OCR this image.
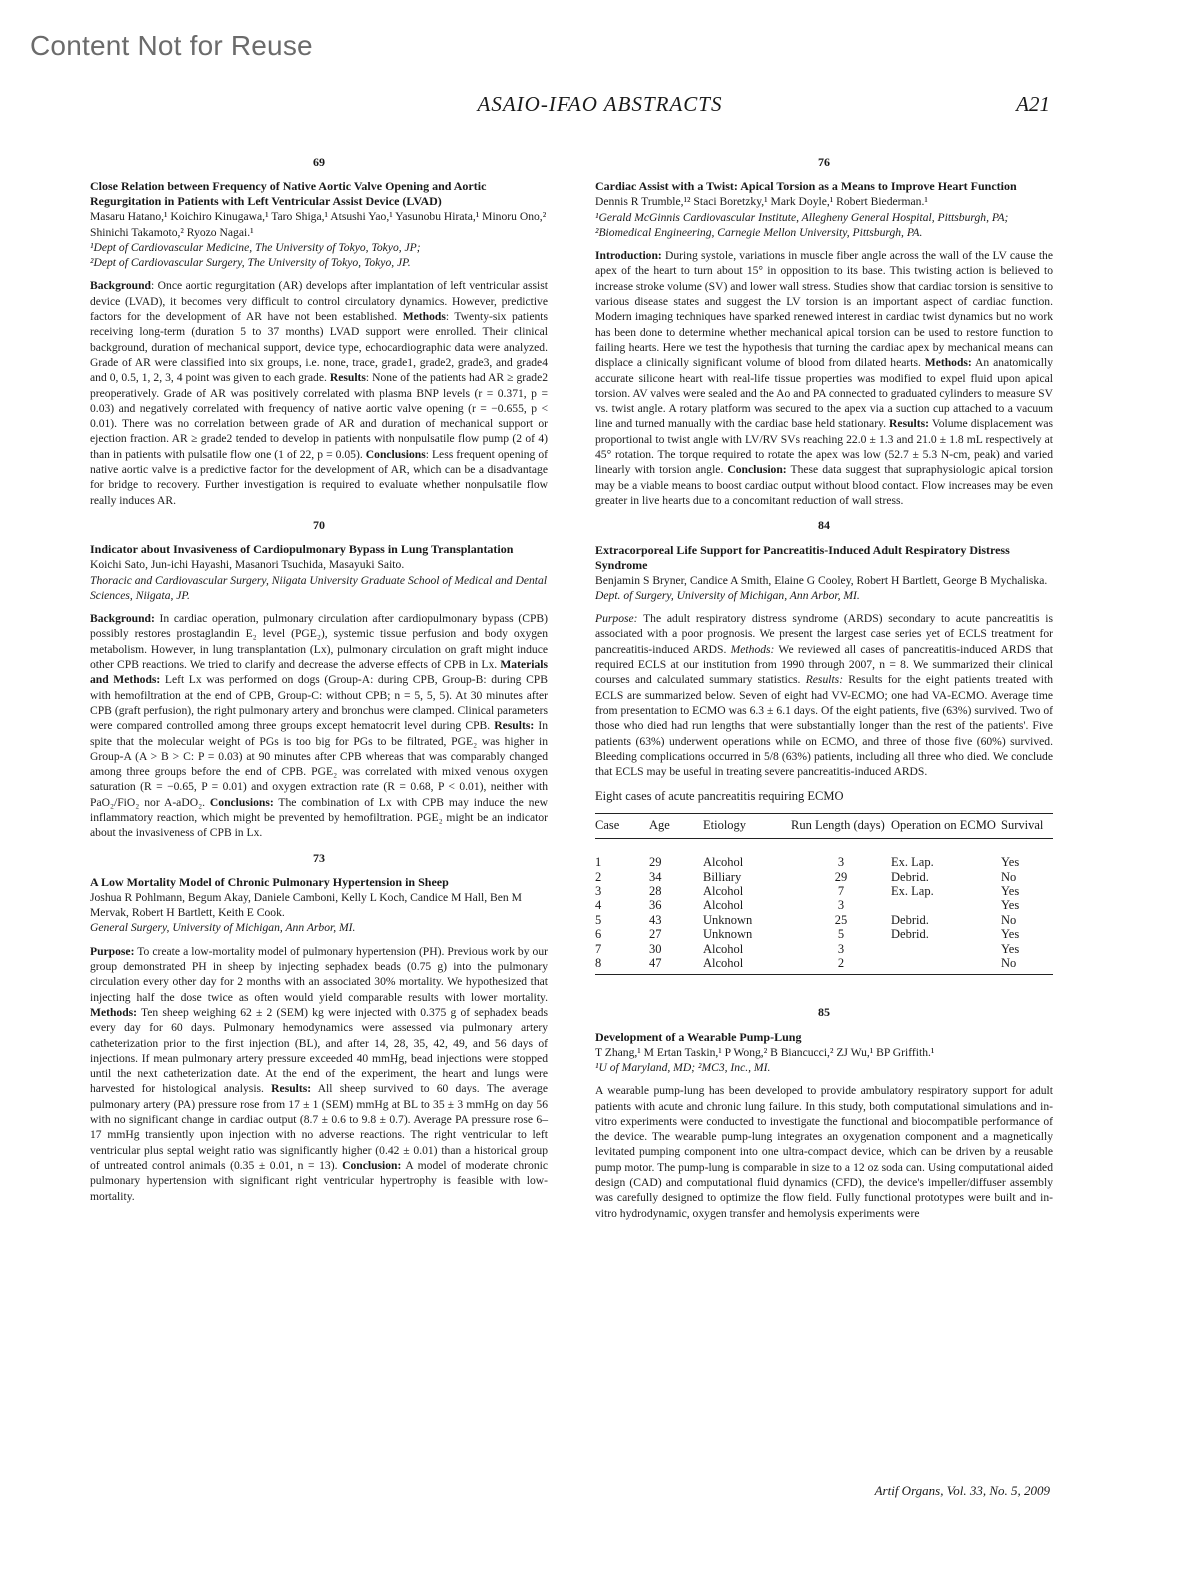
Content Not for Reuse
ASAIO-IFAO ABSTRACTS	A21
69
Close Relation between Frequency of Native Aortic Valve Opening and Aortic Regurgitation in Patients with Left Ventricular Assist Device (LVAD)
Masaru Hatano,¹ Koichiro Kinugawa,¹ Taro Shiga,¹ Atsushi Yao,¹ Yasunobu Hirata,¹ Minoru Ono,² Shinichi Takamoto,² Ryozo Nagai.¹
¹Dept of Cardiovascular Medicine, The University of Tokyo, Tokyo, JP;
²Dept of Cardiovascular Surgery, The University of Tokyo, Tokyo, JP.
Background: Once aortic regurgitation (AR) develops after implantation of left ventricular assist device (LVAD), it becomes very difficult to control circulatory dynamics. However, predictive factors for the development of AR have not been established. Methods: Twenty-six patients receiving long-term (duration 5 to 37 months) LVAD support were enrolled. Their clinical background, duration of mechanical support, device type, echocardiographic data were analyzed. Grade of AR were classified into six groups, i.e. none, trace, grade1, grade2, grade3, and grade4 and 0, 0.5, 1, 2, 3, 4 point was given to each grade. Results: None of the patients had AR ≥ grade2 preoperatively. Grade of AR was positively correlated with plasma BNP levels (r = 0.371, p = 0.03) and negatively correlated with frequency of native aortic valve opening (r = −0.655, p < 0.01). There was no correlation between grade of AR and duration of mechanical support or ejection fraction. AR ≥ grade2 tended to develop in patients with nonpulsatile flow pump (2 of 4) than in patients with pulsatile flow one (1 of 22, p = 0.05). Conclusions: Less frequent opening of native aortic valve is a predictive factor for the development of AR, which can be a disadvantage for bridge to recovery. Further investigation is required to evaluate whether nonpulsatile flow really induces AR.
70
Indicator about Invasiveness of Cardiopulmonary Bypass in Lung Transplantation
Koichi Sato, Jun-ichi Hayashi, Masanori Tsuchida, Masayuki Saito.
Thoracic and Cardiovascular Surgery, Niigata University Graduate School of Medical and Dental Sciences, Niigata, JP.
Background: In cardiac operation, pulmonary circulation after cardiopulmonary bypass (CPB) possibly restores prostaglandin E₂ level (PGE₂), systemic tissue perfusion and body oxygen metabolism. However, in lung transplantation (Lx), pulmonary circulation on graft might induce other CPB reactions. We tried to clarify and decrease the adverse effects of CPB in Lx. Materials and Methods: Left Lx was performed on dogs (Group-A: during CPB, Group-B: during CPB with hemofiltration at the end of CPB, Group-C: without CPB; n = 5, 5, 5). At 30 minutes after CPB (graft perfusion), the right pulmonary artery and bronchus were clamped. Clinical parameters were compared controlled among three groups except hematocrit level during CPB. Results: In spite that the molecular weight of PGs is too big for PGs to be filtrated, PGE₂ was higher in Group-A (A > B > C: P = 0.03) at 90 minutes after CPB whereas that was comparably changed among three groups before the end of CPB. PGE₂ was correlated with mixed venous oxygen saturation (R = −0.65, P = 0.01) and oxygen extraction rate (R = 0.68, P < 0.01), neither with PaO₂/FiO₂ nor A-aDO₂. Conclusions: The combination of Lx with CPB may induce the new inflammatory reaction, which might be prevented by hemofiltration. PGE₂ might be an indicator about the invasiveness of CPB in Lx.
73
A Low Mortality Model of Chronic Pulmonary Hypertension in Sheep
Joshua R Pohlmann, Begum Akay, Daniele Camboni, Kelly L Koch, Candice M Hall, Ben M Mervak, Robert H Bartlett, Keith E Cook.
General Surgery, University of Michigan, Ann Arbor, MI.
Purpose: To create a low-mortality model of pulmonary hypertension (PH). Previous work by our group demonstrated PH in sheep by injecting sephadex beads (0.75 g) into the pulmonary circulation every other day for 2 months with an associated 30% mortality. We hypothesized that injecting half the dose twice as often would yield comparable results with lower mortality. Methods: Ten sheep weighing 62 ± 2 (SEM) kg were injected with 0.375 g of sephadex beads every day for 60 days. Pulmonary hemodynamics were assessed via pulmonary artery catheterization prior to the first injection (BL), and after 14, 28, 35, 42, 49, and 56 days of injections. If mean pulmonary artery pressure exceeded 40 mmHg, bead injections were stopped until the next catheterization date. At the end of the experiment, the heart and lungs were harvested for histological analysis. Results: All sheep survived to 60 days. The average pulmonary artery (PA) pressure rose from 17 ± 1 (SEM) mmHg at BL to 35 ± 3 mmHg on day 56 with no significant change in cardiac output (8.7 ± 0.6 to 9.8 ± 0.7). Average PA pressure rose 6–17 mmHg transiently upon injection with no adverse reactions. The right ventricular to left ventricular plus septal weight ratio was significantly higher (0.42 ± 0.01) than a historical group of untreated control animals (0.35 ± 0.01, n = 13). Conclusion: A model of moderate chronic pulmonary hypertension with significant right ventricular hypertrophy is feasible with low-mortality.
76
Cardiac Assist with a Twist: Apical Torsion as a Means to Improve Heart Function
Dennis R Trumble,¹² Staci Boretzky,¹ Mark Doyle,¹ Robert Biederman.¹
¹Gerald McGinnis Cardiovascular Institute, Allegheny General Hospital, Pittsburgh, PA; ²Biomedical Engineering, Carnegie Mellon University, Pittsburgh, PA.
Introduction: During systole, variations in muscle fiber angle across the wall of the LV cause the apex of the heart to turn about 15° in opposition to its base. This twisting action is believed to increase stroke volume (SV) and lower wall stress. Studies show that cardiac torsion is sensitive to various disease states and suggest the LV torsion is an important aspect of cardiac function. Modern imaging techniques have sparked renewed interest in cardiac twist dynamics but no work has been done to determine whether mechanical apical torsion can be used to restore function to failing hearts. Here we test the hypothesis that turning the cardiac apex by mechanical means can displace a clinically significant volume of blood from dilated hearts. Methods: An anatomically accurate silicone heart with real-life tissue properties was modified to expel fluid upon apical torsion. AV valves were sealed and the Ao and PA connected to graduated cylinders to measure SV vs. twist angle. A rotary platform was secured to the apex via a suction cup attached to a vacuum line and turned manually with the cardiac base held stationary. Results: Volume displacement was proportional to twist angle with LV/RV SVs reaching 22.0 ± 1.3 and 21.0 ± 1.8 mL respectively at 45° rotation. The torque required to rotate the apex was low (52.7 ± 5.3 N-cm, peak) and varied linearly with torsion angle. Conclusion: These data suggest that supraphysiologic apical torsion may be a viable means to boost cardiac output without blood contact. Flow increases may be even greater in live hearts due to a concomitant reduction of wall stress.
84
Extracorporeal Life Support for Pancreatitis-Induced Adult Respiratory Distress Syndrome
Benjamin S Bryner, Candice A Smith, Elaine G Cooley, Robert H Bartlett, George B Mychaliska.
Dept. of Surgery, University of Michigan, Ann Arbor, MI.
Purpose: The adult respiratory distress syndrome (ARDS) secondary to acute pancreatitis is associated with a poor prognosis. We present the largest case series yet of ECLS treatment for pancreatitis-induced ARDS. Methods: We reviewed all cases of pancreatitis-induced ARDS that required ECLS at our institution from 1990 through 2007, n = 8. We summarized their clinical courses and calculated summary statistics. Results: Results for the eight patients treated with ECLS are summarized below. Seven of eight had VV-ECMO; one had VA-ECMO. Average time from presentation to ECMO was 6.3 ± 6.1 days. Of the eight patients, five (63%) survived. Two of those who died had run lengths that were substantially longer than the rest of the patients'. Five patients (63%) underwent operations while on ECMO, and three of those five (60%) survived. Bleeding complications occurred in 5/8 (63%) patients, including all three who died. We conclude that ECLS may be useful in treating severe pancreatitis-induced ARDS.
Eight cases of acute pancreatitis requiring ECMO
Case	Age	Etiology	Run Length (days)	Operation on ECMO	Survival
1	29	Alcohol	3	Ex. Lap.	Yes
2	34	Billiary	29	Debrid.	No
3	28	Alcohol	7	Ex. Lap.	Yes
4	36	Alcohol	3		Yes
5	43	Unknown	25	Debrid.	No
6	27	Unknown	5	Debrid.	Yes
7	30	Alcohol	3		Yes
8	47	Alcohol	2		No
85
Development of a Wearable Pump-Lung
T Zhang,¹ M Ertan Taskin,¹ P Wong,² B Biancucci,² ZJ Wu,¹ BP Griffith.¹
¹U of Maryland, MD; ²MC3, Inc., MI.
A wearable pump-lung has been developed to provide ambulatory respiratory support for adult patients with acute and chronic lung failure. In this study, both computational simulations and in-vitro experiments were conducted to investigate the functional and biocompatible performance of the device. The wearable pump-lung integrates an oxygenation component and a magnetically levitated pumping component into one ultra-compact device, which can be driven by a reusable pump motor. The pump-lung is comparable in size to a 12 oz soda can. Using computational aided design (CAD) and computational fluid dynamics (CFD), the device's impeller/diffuser assembly was carefully designed to optimize the flow field. Fully functional prototypes were built and in-vitro hydrodynamic, oxygen transfer and hemolysis experiments were
Artif Organs, Vol. 33, No. 5, 2009
